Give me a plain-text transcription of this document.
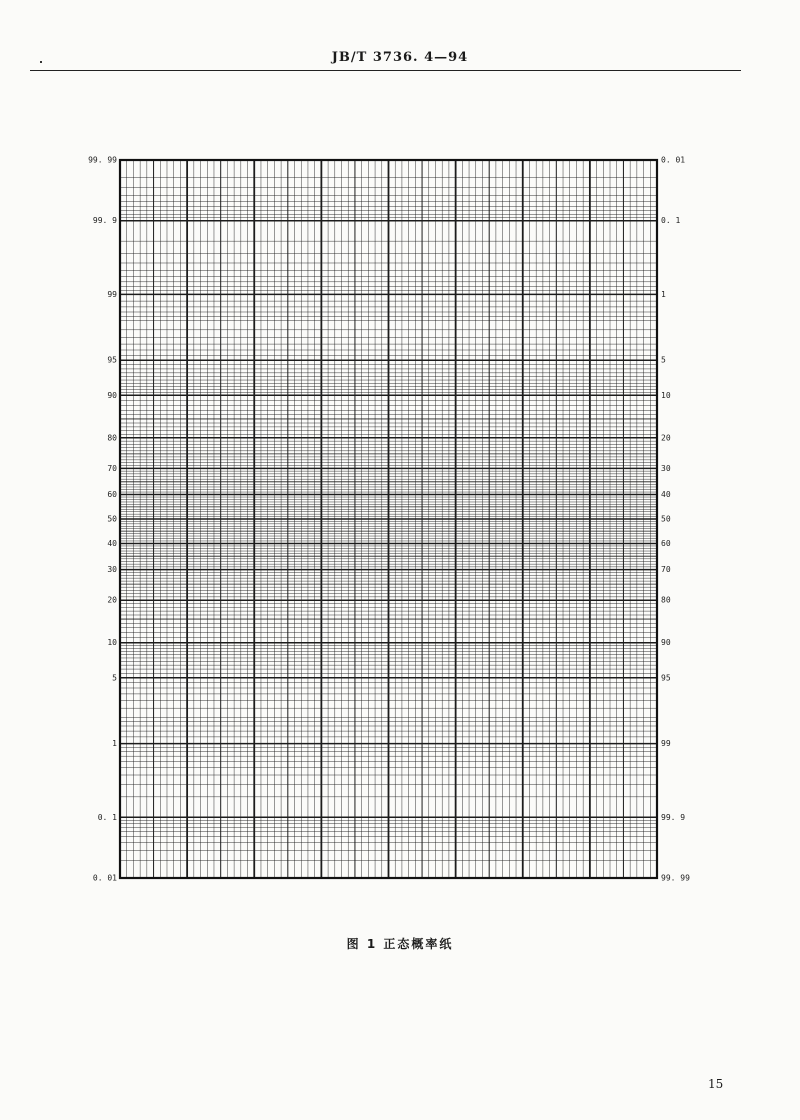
JB/T 3736. 4—94
99. 99
99. 9
99
95
90
80
70
60
50
40
30
20
10
5
1
0. 1
0. 01
0. 01
0. 1
1
5
10
20
30
40
50
60
70
80
90
95
99
99. 9
99. 99
图 1 正态概率纸
15
